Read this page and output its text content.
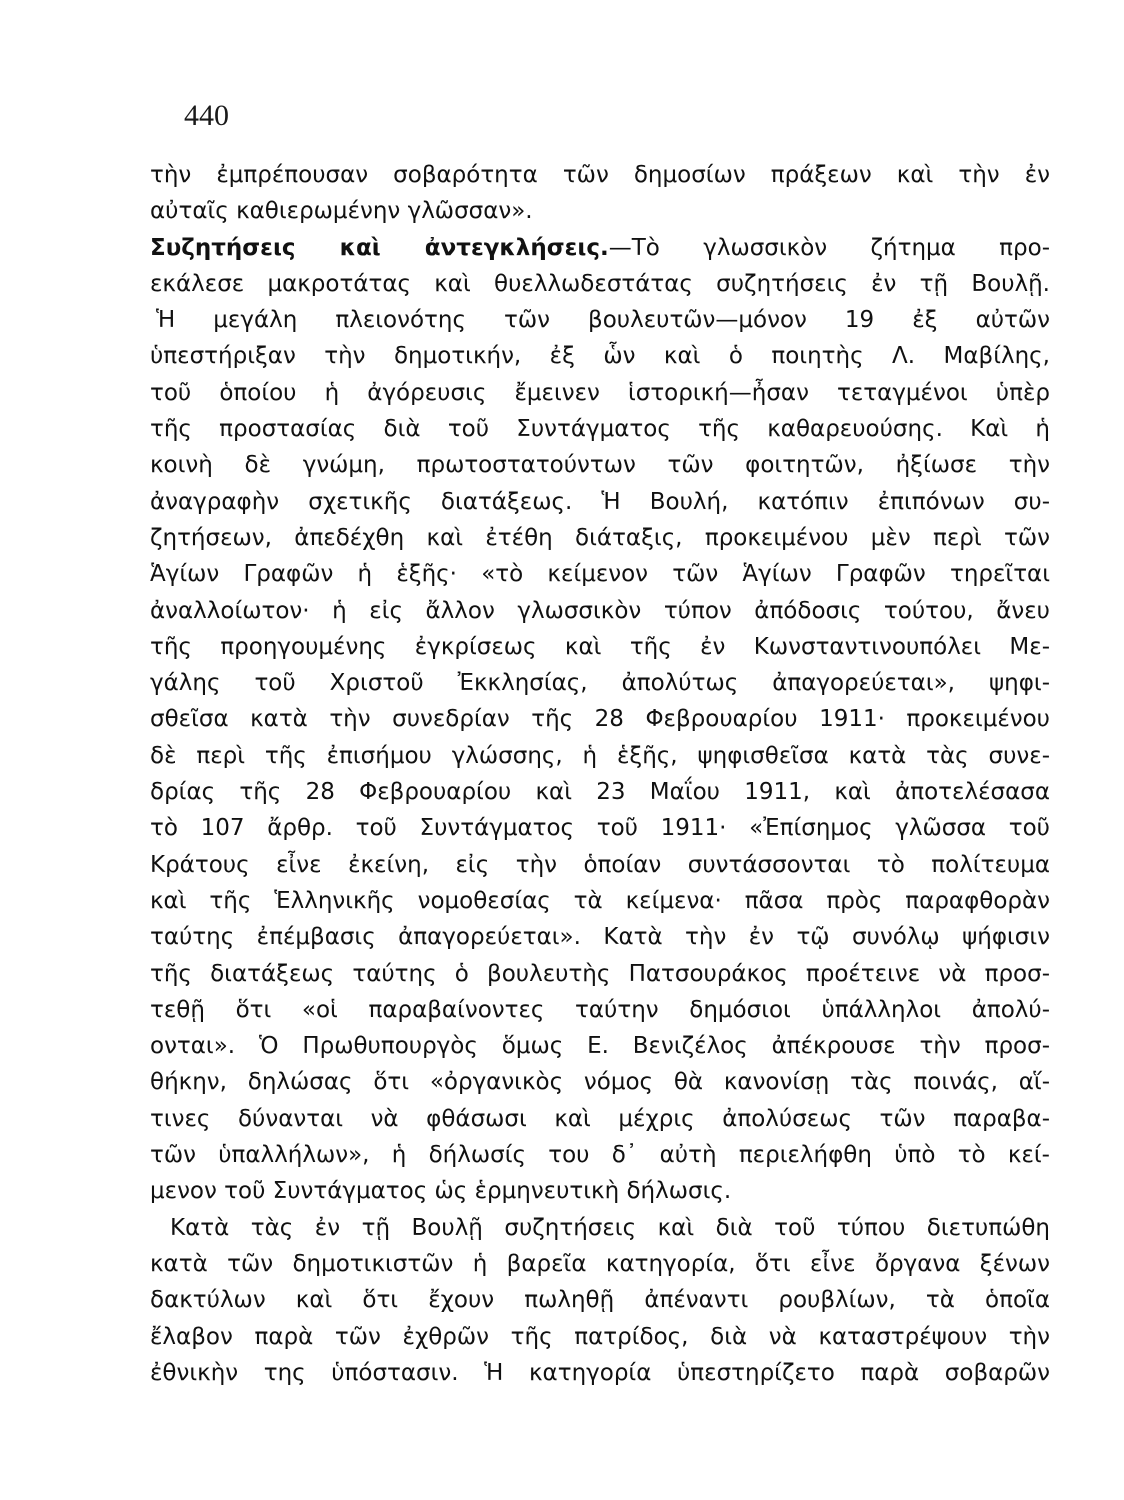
440
τὴν ἐμπρέπουσαν σοβαρότητα τῶν δημοσίων πράξεων καὶ τὴν ἐν
αὐταῖς καθιερωμένην γλῶσσαν».
Συζητήσεις καὶ ἀντεγκλήσεις.—Τὸ γλωσσικὸν ζήτημα προ-
εκάλεσε μακροτάτας καὶ θυελλωδεστάτας συζητήσεις ἐν τῇ Βουλῇ.
Ἡ μεγάλη πλειονότης τῶν βουλευτῶν—μόνον 19 ἐξ αὐτῶν
ὑπεστήριξαν τὴν δημοτικήν, ἐξ ὧν καὶ ὁ ποιητὴς Λ. Μαβίλης,
τοῦ ὁποίου ἡ ἀγόρευσις ἔμεινεν ἱστορική—ἦσαν τεταγμένοι ὑπὲρ
τῆς προστασίας διὰ τοῦ Συντάγματος τῆς καθαρευούσης. Καὶ ἡ
κοινὴ δὲ γνώμη, πρωτοστατούντων τῶν φοιτητῶν, ἠξίωσε τὴν
ἀναγραφὴν σχετικῆς διατάξεως. Ἡ Βουλή, κατόπιν ἐπιπόνων συ-
ζητήσεων, ἀπεδέχθη καὶ ἐτέθη διάταξις, προκειμένου μὲν περὶ τῶν
Ἁγίων Γραφῶν ἡ ἑξῆς· «τὸ κείμενον τῶν Ἁγίων Γραφῶν τηρεῖται
ἀναλλοίωτον· ἡ εἰς ἄλλον γλωσσικὸν τύπον ἀπόδοσις τούτου, ἄνευ
τῆς προηγουμένης ἐγκρίσεως καὶ τῆς ἐν Κωνσταντινουπόλει Με-
γάλης τοῦ Χριστοῦ Ἐκκλησίας, ἀπολύτως ἀπαγορεύεται», ψηφι-
σθεῖσα κατὰ τὴν συνεδρίαν τῆς 28 Φεβρουαρίου 1911· προκειμένου
δὲ περὶ τῆς ἐπισήμου γλώσσης, ἡ ἑξῆς, ψηφισθεῖσα κατὰ τὰς συνε-
δρίας τῆς 28 Φεβρουαρίου καὶ 23 Μαΐου 1911, καὶ ἀποτελέσασα
τὸ 107 ἄρθρ. τοῦ Συντάγματος τοῦ 1911· «Ἐπίσημος γλῶσσα τοῦ
Κράτους εἶνε ἐκείνη, εἰς τὴν ὁποίαν συντάσσονται τὸ πολίτευμα
καὶ τῆς Ἑλληνικῆς νομοθεσίας τὰ κείμενα· πᾶσα πρὸς παραφθορὰν
ταύτης ἐπέμβασις ἀπαγορεύεται». Κατὰ τὴν ἐν τῷ συνόλῳ ψήφισιν
τῆς διατάξεως ταύτης ὁ βουλευτὴς Πατσουράκος προέτεινε νὰ προσ-
τεθῇ ὅτι «οἱ παραβαίνοντες ταύτην δημόσιοι ὑπάλληλοι ἀπολύ-
ονται». Ὁ Πρωθυπουργὸς ὅμως Ε. Βενιζέλος ἀπέκρουσε τὴν προσ-
θήκην, δηλώσας ὅτι «ὀργανικὸς νόμος θὰ κανονίσῃ τὰς ποινάς, αἵ-
τινες δύνανται νὰ φθάσωσι καὶ μέχρις ἀπολύσεως τῶν παραβα-
τῶν ὑπαλλήλων», ἡ δήλωσίς του δ᾽ αὐτὴ περιελήφθη ὑπὸ τὸ κεί-
μενον τοῦ Συντάγματος ὡς ἑρμηνευτικὴ δήλωσις.
Κατὰ τὰς ἐν τῇ Βουλῇ συζητήσεις καὶ διὰ τοῦ τύπου διετυπώθη
κατὰ τῶν δημοτικιστῶν ἡ βαρεῖα κατηγορία, ὅτι εἶνε ὄργανα ξένων
δακτύλων καὶ ὅτι ἔχουν πωληθῇ ἀπέναντι ρουβλίων, τὰ ὁποῖα
ἔλαβον παρὰ τῶν ἐχθρῶν τῆς πατρίδος, διὰ νὰ καταστρέψουν τὴν
ἐθνικὴν της ὑπόστασιν. Ἡ κατηγορία ὑπεστηρίζετο παρὰ σοβαρῶν
